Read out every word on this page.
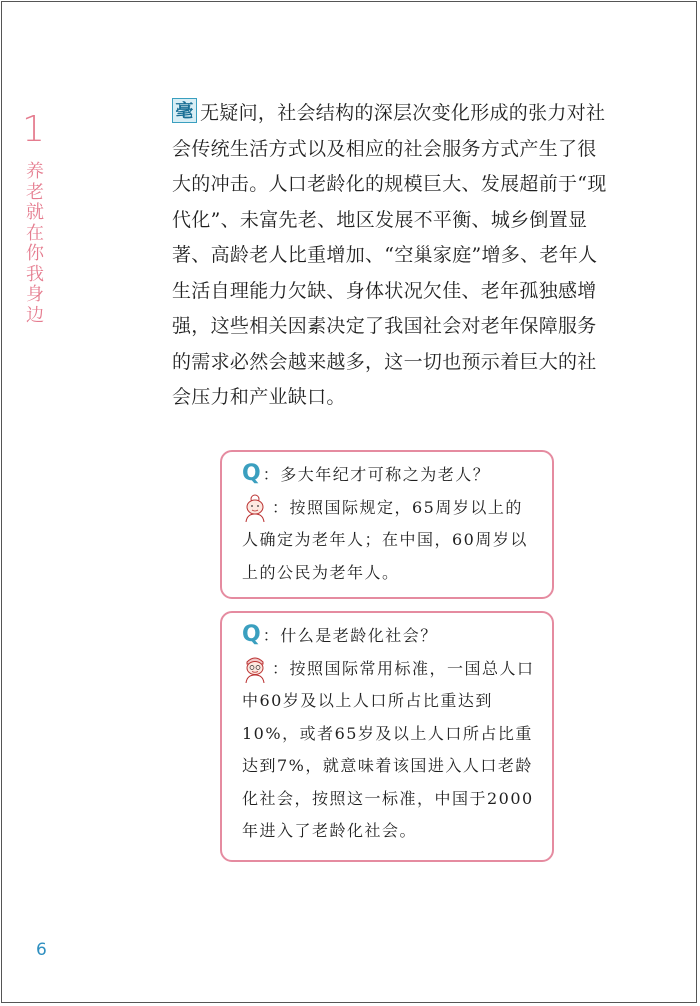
1
养老就在你我身边
毫 无疑问，社会结构的深层次变化形成的张力对社会传统生活方式以及相应的社会服务方式产生了很大的冲击。人口老龄化的规模巨大、发展超前于“现代化”、未富先老、地区发展不平衡、城乡倒置显著、高龄老人比重增加、“空巢家庭”增多、老年人生活自理能力欠缺、身体状况欠佳、老年孤独感增强，这些相关因素决定了我国社会对老年保障服务的需求必然会越来越多，这一切也预示着巨大的社会压力和产业缺口。
Q ：多大年纪才可称之为老人？
：按照国际规定，65周岁以上的人确定为老年人；在中国，60周岁以上的公民为老年人。
Q ：什么是老龄化社会？
：按照国际常用标准，一国总人口中60岁及以上人口所占比重达到10%，或者65岁及以上人口所占比重达到7%，就意味着该国进入人口老龄化社会，按照这一标准，中国于2000年进入了老龄化社会。
6
